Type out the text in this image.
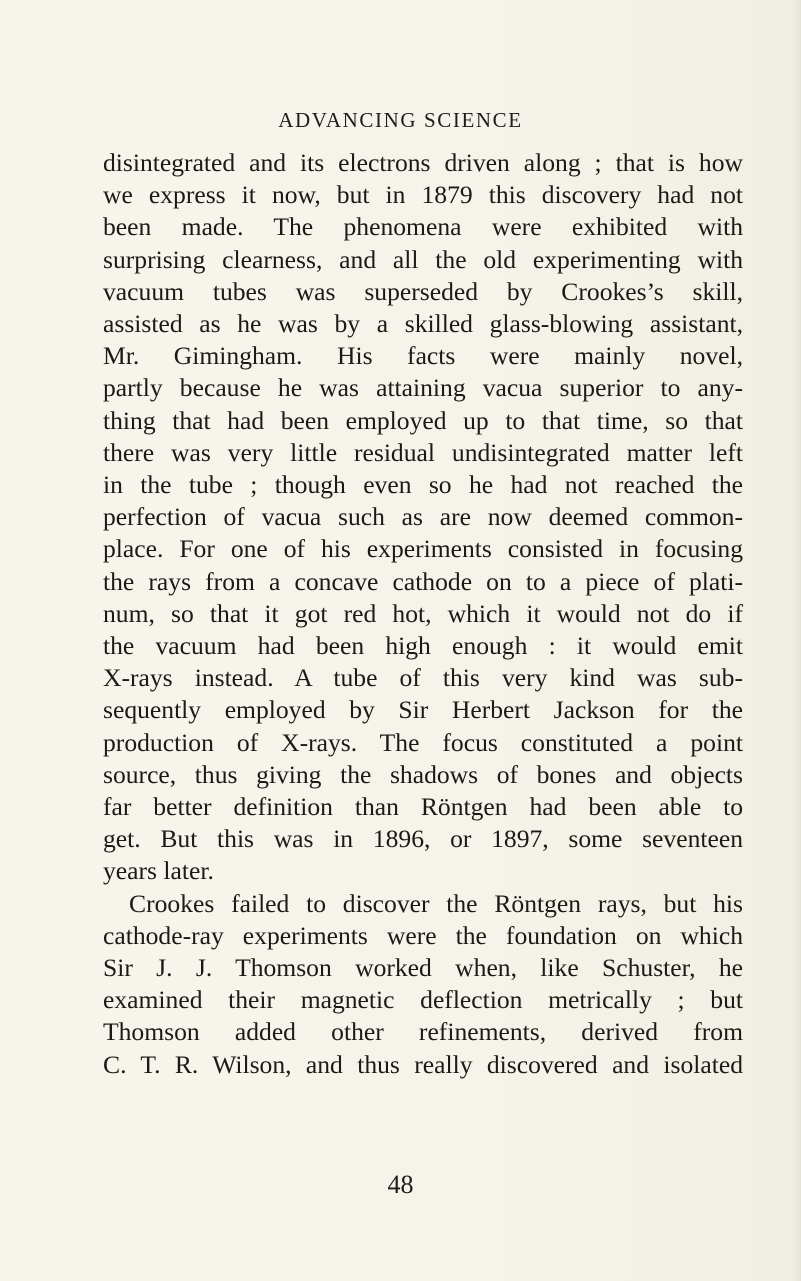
ADVANCING SCIENCE
disintegrated and its electrons driven along ; that is how
we express it now, but in 1879 this discovery had not
been made. The phenomena were exhibited with
surprising clearness, and all the old experimenting with
vacuum tubes was superseded by Crookes’s skill,
assisted as he was by a skilled glass-blowing assistant,
Mr. Gimingham. His facts were mainly novel,
partly because he was attaining vacua superior to any-
thing that had been employed up to that time, so that
there was very little residual undisintegrated matter left
in the tube ; though even so he had not reached the
perfection of vacua such as are now deemed common-
place. For one of his experiments consisted in focusing
the rays from a concave cathode on to a piece of plati-
num, so that it got red hot, which it would not do if
the vacuum had been high enough : it would emit
X-rays instead. A tube of this very kind was sub-
sequently employed by Sir Herbert Jackson for the
production of X-rays. The focus constituted a point
source, thus giving the shadows of bones and objects
far better definition than Röntgen had been able to
get. But this was in 1896, or 1897, some seventeen
years later.
Crookes failed to discover the Röntgen rays, but his
cathode-ray experiments were the foundation on which
Sir J. J. Thomson worked when, like Schuster, he
examined their magnetic deflection metrically ; but
Thomson added other refinements, derived from
C. T. R. Wilson, and thus really discovered and isolated
48
